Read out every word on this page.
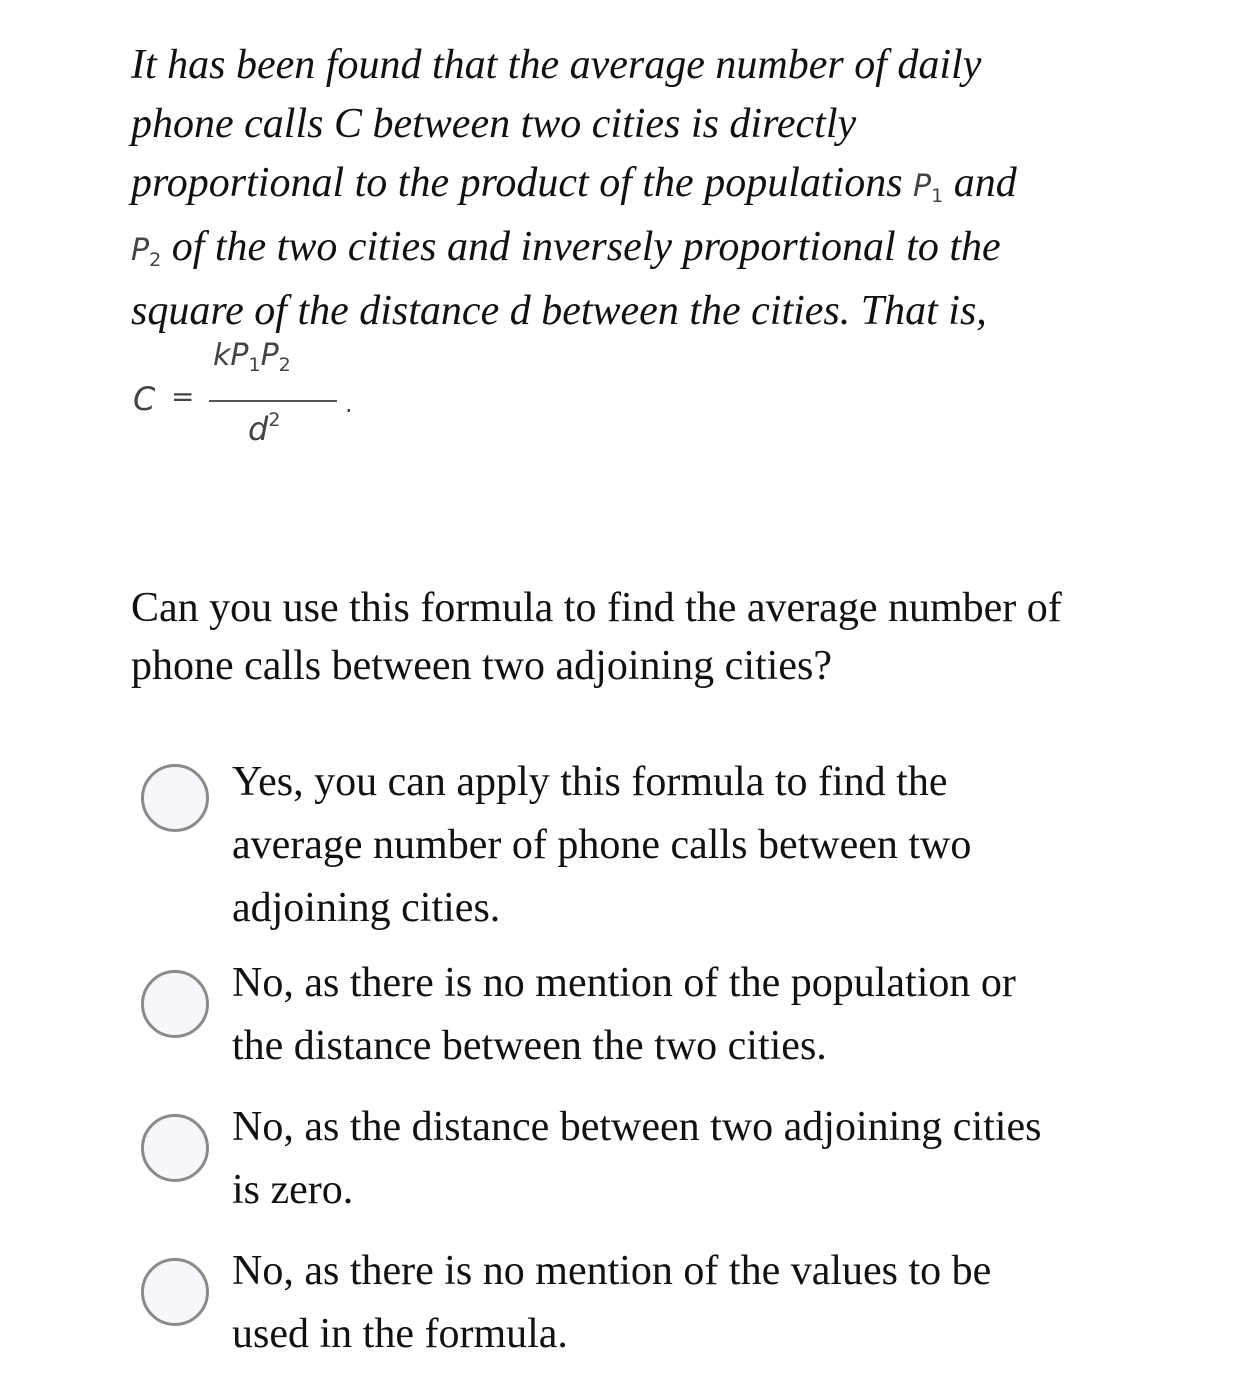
It has been found that the average number of daily
phone calls C between two cities is directly
proportional to the product of the populations $P_1$ and
$P_2$ of the two cities and inversely proportional to the
square of the distance d between the cities. That is,
C =
$kP_1P_2$
$d^2$
.
Can you use this formula to find the average number of
phone calls between two adjoining cities?
Yes, you can apply this formula to find the
average number of phone calls between two
adjoining cities.
No, as there is no mention of the population or
the distance between the two cities.
No, as the distance between two adjoining cities
is zero.
No, as there is no mention of the values to be
used in the formula.
